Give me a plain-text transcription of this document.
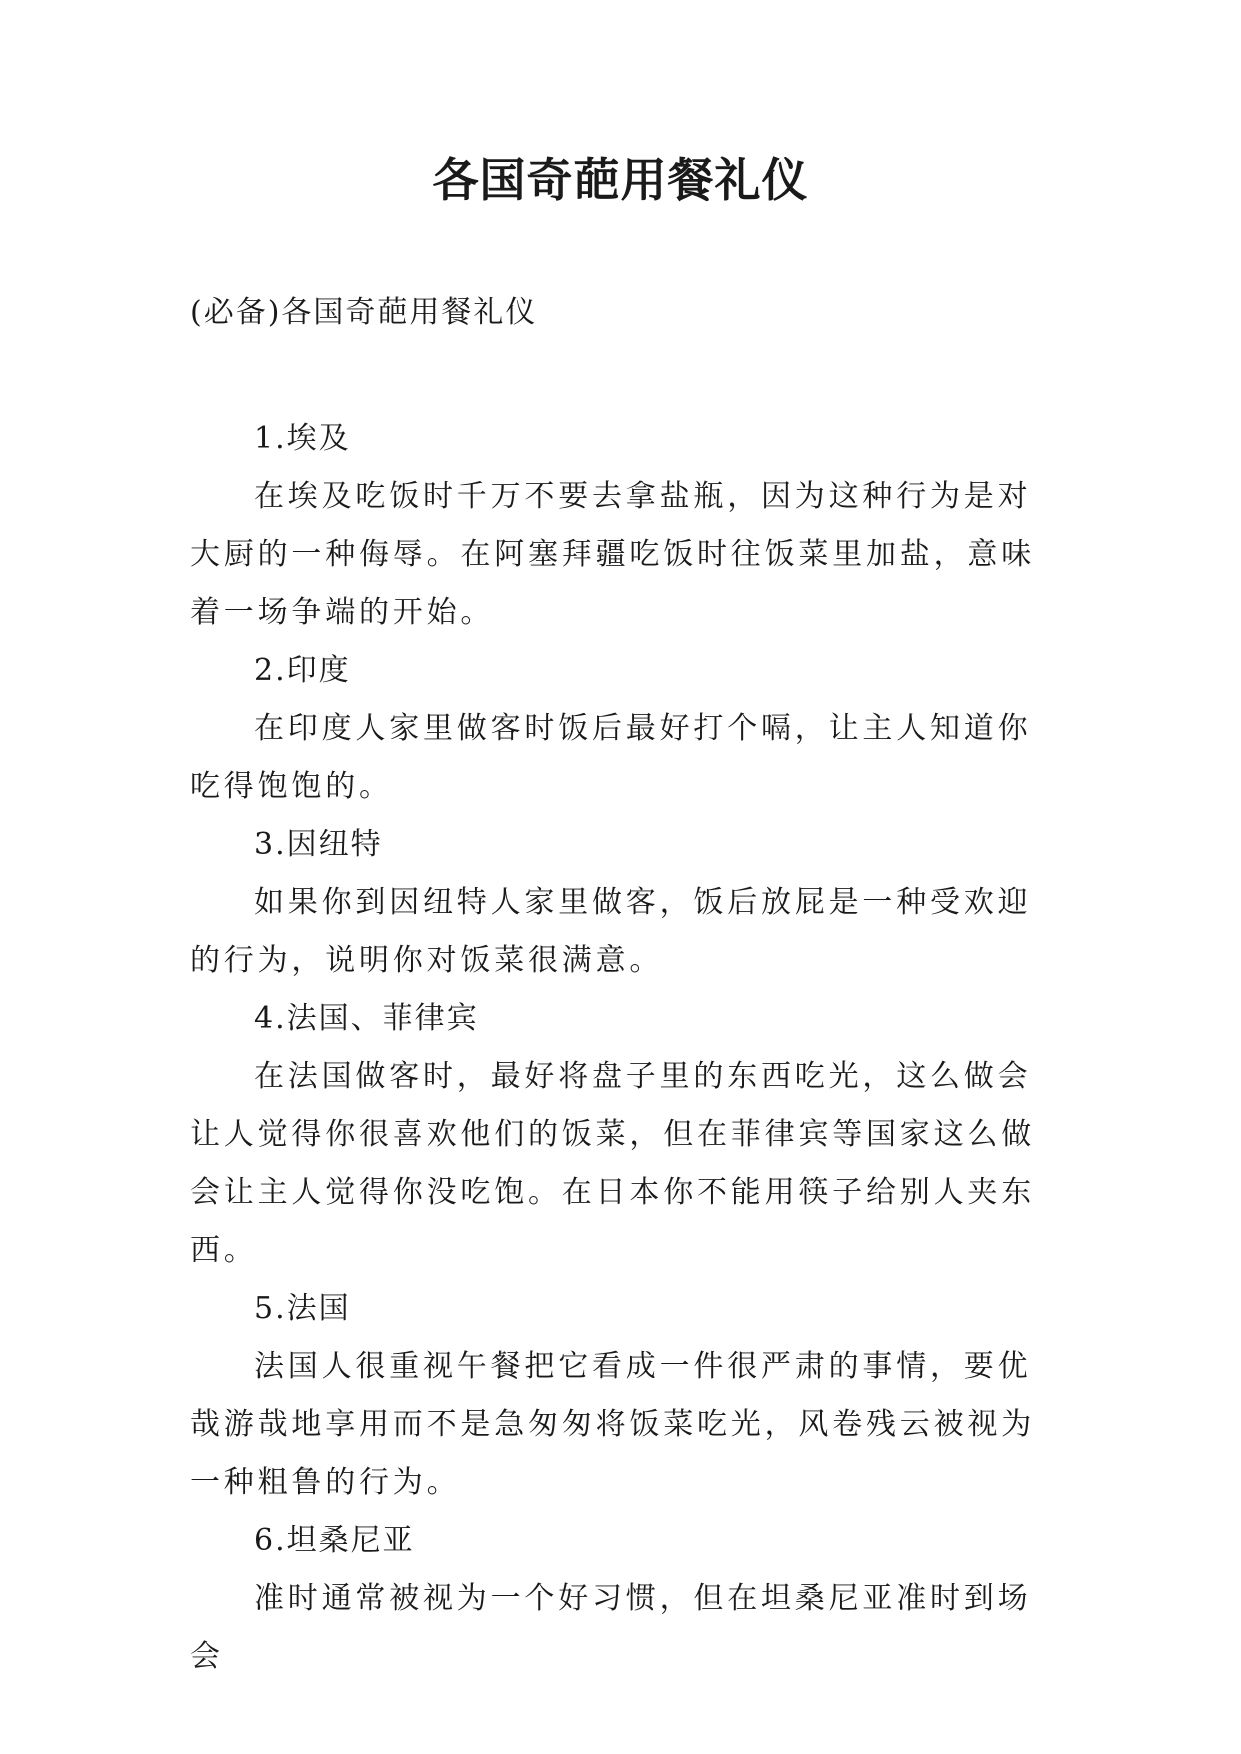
各国奇葩用餐礼仪
(必备)各国奇葩用餐礼仪

1.埃及

在埃及吃饭时千万不要去拿盐瓶，因为这种行为是对大厨的一种侮辱。在阿塞拜疆吃饭时往饭菜里加盐，意味着一场争端的开始。

2.印度

在印度人家里做客时饭后最好打个嗝，让主人知道你吃得饱饱的。

3.因纽特

如果你到因纽特人家里做客，饭后放屁是一种受欢迎的行为，说明你对饭菜很满意。

4.法国、菲律宾

在法国做客时，最好将盘子里的东西吃光，这么做会让人觉得你很喜欢他们的饭菜，但在菲律宾等国家这么做会让主人觉得你没吃饱。在日本你不能用筷子给别人夹东西。

5.法国

法国人很重视午餐把它看成一件很严肃的事情，要优哉游哉地享用而不是急匆匆将饭菜吃光，风卷残云被视为一种粗鲁的行为。

6.坦桑尼亚

准时通常被视为一个好习惯，但在坦桑尼亚准时到场会
